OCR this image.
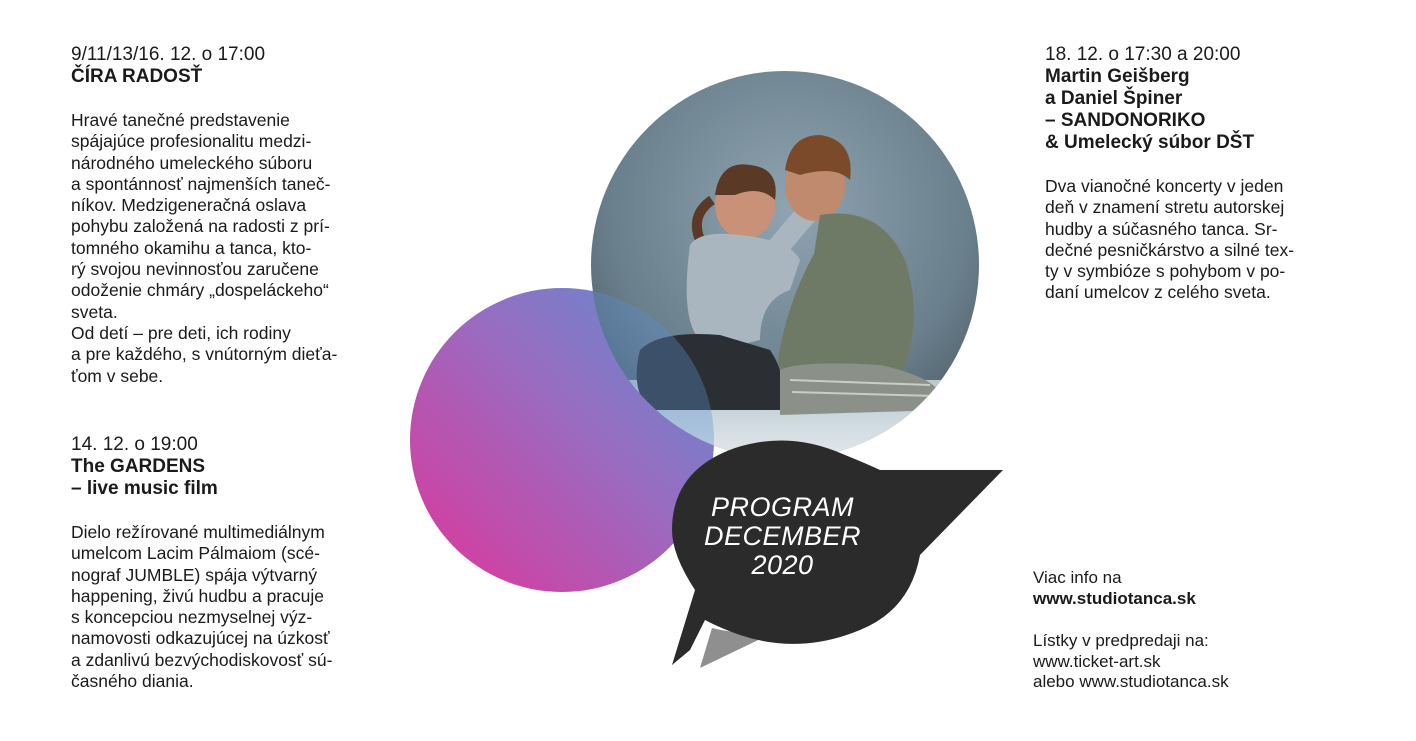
PROGRAM
DECEMBER
2020
9/11/13/16. 12. o 17:00
ČÍRA RADOSŤ
Hravé tanečné predstavenie
spájajúce profesionalitu medzi-
národného umeleckého súboru
a spontánnosť najmenších taneč-
níkov. Medzigeneračná oslava
pohybu založená na radosti z prí-
tomného okamihu a tanca, kto-
rý svojou nevinnosťou zaručene
odoženie chmáry „dospeláckeho“
sveta.
Od detí – pre deti, ich rodiny
a pre každého, s vnútorným dieťa-
ťom v sebe.
14. 12. o 19:00
The GARDENS
– live music film
Dielo režírované multimediálnym
umelcom Lacim Pálmaiom (scé-
nograf JUMBLE) spája výtvarný
happening, živú hudbu a pracuje
s koncepciou nezmyselnej výz-
namovosti odkazujúcej na úzkosť
a zdanlivú bezvýchodiskovosť sú-
časného diania.
18. 12. o 17:30 a 20:00
Martin Geišberg
a Daniel Špiner
– SANDONORIKO
& Umelecký súbor DŠT
Dva vianočné koncerty v jeden
deň v znamení stretu autorskej
hudby a súčasného tanca. Sr-
dečné pesničkárstvo a silné tex-
ty v symbióze s pohybom v po-
daní umelcov z celého sveta.
Viac info na
www.studiotanca.sk
Lístky v predpredaji na:
www.ticket-art.sk
alebo www.studiotanca.sk
